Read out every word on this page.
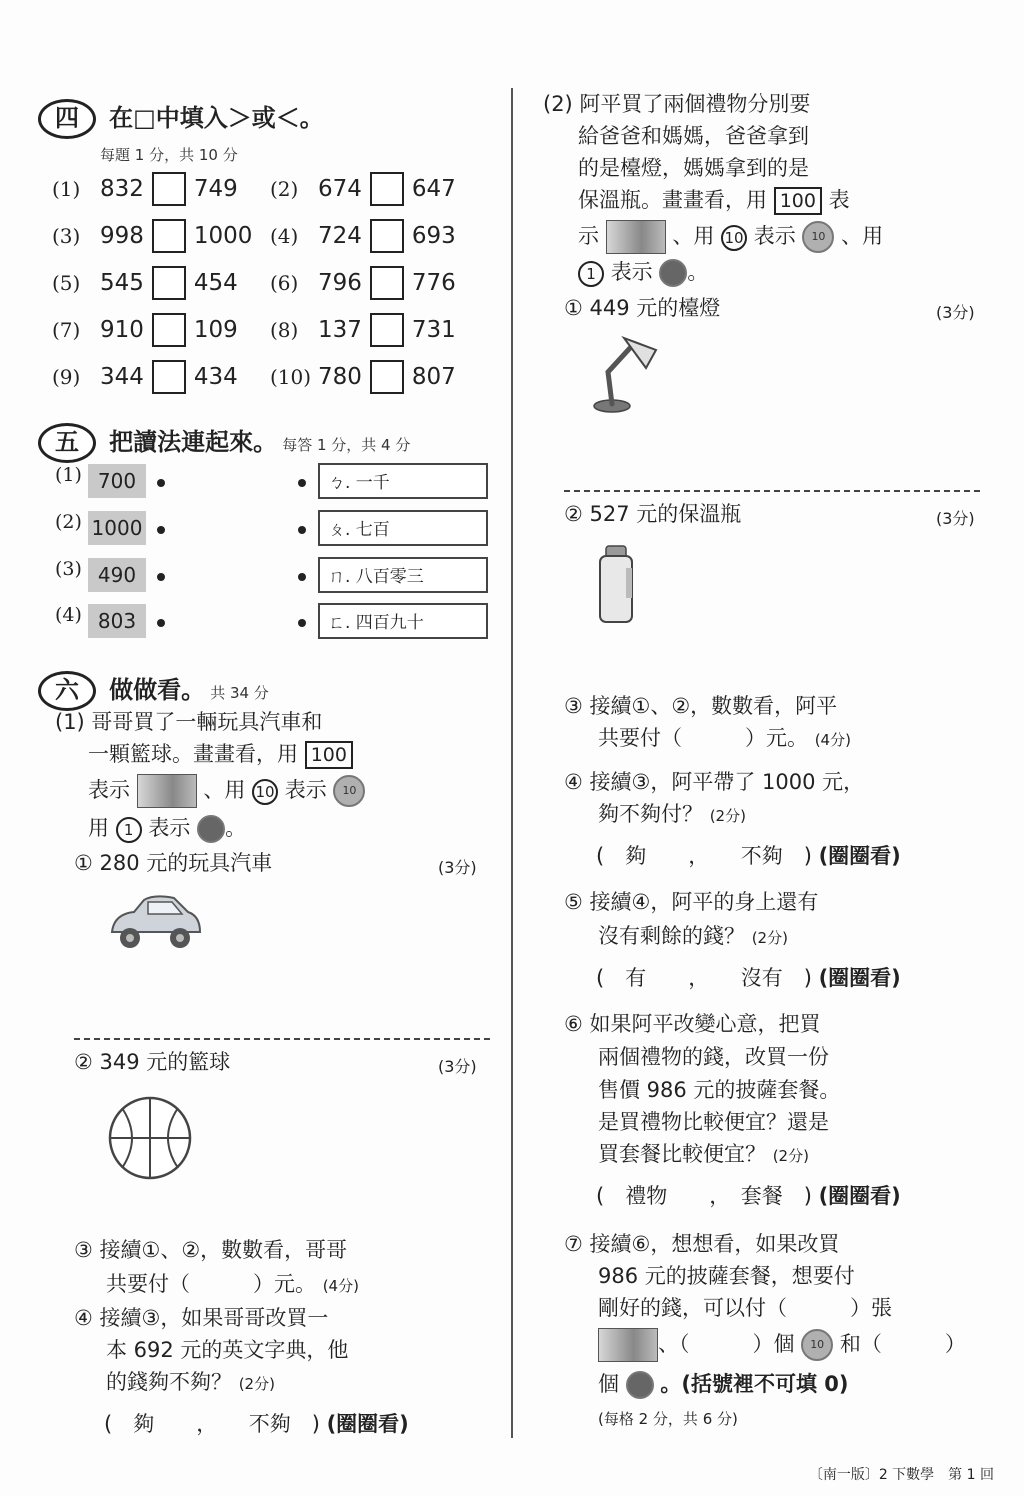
四 在□中填入＞或＜。
每題 1 分，共 10 分
(1) 832 749 (2) 674 647
(3) 998 1000 (4) 724 693
(5) 545 454 (6) 796 776
(7) 910 109 (8) 137 731
(9) 344 434 (10) 780 807
五 把讀法連起來。 每答 1 分，共 4 分
(1) 700
(2) 1000
(3) 490
(4) 803
ㄅ. 一千
ㄆ. 七百
ㄇ. 八百零三
ㄈ. 四百九十
六 做做看。 共 34 分
(1) 哥哥買了一輛玩具汽車和
一顆籃球。畫畫看，用 100
表示	、用 10 表示 10
用 1 表示 。
① 280 元的玩具汽車	(3分)
② 349 元的籃球	(3分)
③ 接續①、②，數數看，哥哥
共要付（　　　）元。 (4分)
④ 接續③，如果哥哥改買一
本 692 元的英文字典，他
的錢夠不夠？ (2分)
(　夠　　，　　不夠　) (圈圈看)
(2) 阿平買了兩個禮物分別要
給爸爸和媽媽，爸爸拿到
的是檯燈，媽媽拿到的是
保溫瓶。畫畫看，用 100 表
示	、用 10 表示 10 、用
1 表示 。
① 449 元的檯燈	(3分)
② 527 元的保溫瓶	(3分)
③ 接續①、②，數數看，阿平
共要付（　　　）元。 (4分)
④ 接續③，阿平帶了 1000 元，
夠不夠付？ (2分)
(　夠　　，　　不夠　) (圈圈看)
⑤ 接續④，阿平的身上還有
沒有剩餘的錢？ (2分)
(　有　　，　　沒有　) (圈圈看)
⑥ 如果阿平改變心意，把買
兩個禮物的錢，改買一份
售價 986 元的披薩套餐。
是買禮物比較便宜？還是
買套餐比較便宜？ (2分)
(　禮物　　，　套餐　) (圈圈看)
⑦ 接續⑥，想想看，如果改買
986 元的披薩套餐，想要付
剛好的錢，可以付（　　　）張
、（　　　）個 10 和（　　　）
個 。(括號裡不可填 0)
(每格 2 分，共 6 分)
〔南一版〕2 下數學　第 1 回
